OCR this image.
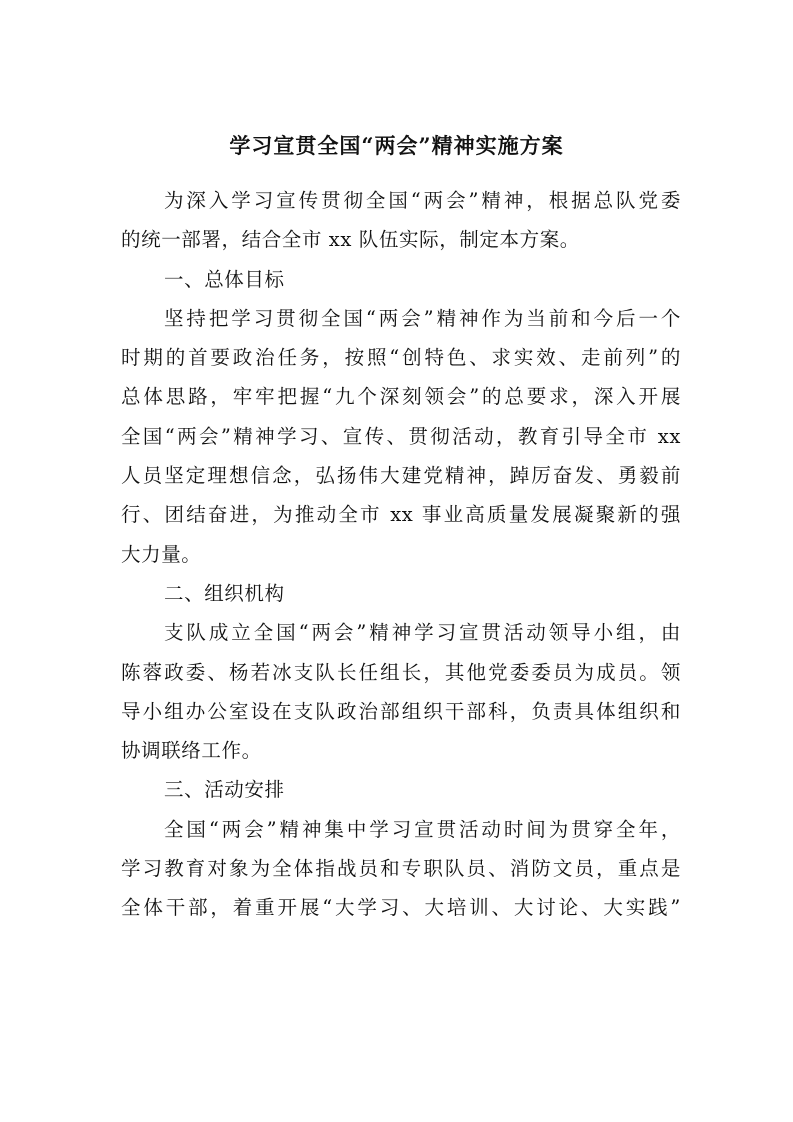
学习宣贯全国“两会”精神实施方案
为深入学习宣传贯彻全国“两会”精神，根据总队党委
的统一部署，结合全市 xx 队伍实际，制定本方案。
一、总体目标
坚持把学习贯彻全国“两会”精神作为当前和今后一个
时期的首要政治任务，按照“创特色、求实效、走前列”的
总体思路，牢牢把握“九个深刻领会”的总要求，深入开展
全国“两会”精神学习、宣传、贯彻活动，教育引导全市 xx
人员坚定理想信念，弘扬伟大建党精神，踔厉奋发、勇毅前
行、团结奋进，为推动全市 xx 事业高质量发展凝聚新的强
大力量。
二、组织机构
支队成立全国“两会”精神学习宣贯活动领导小组，由
陈蓉政委、杨若冰支队长任组长，其他党委委员为成员。领
导小组办公室设在支队政治部组织干部科，负责具体组织和
协调联络工作。
三、活动安排
全国“两会”精神集中学习宣贯活动时间为贯穿全年，
学习教育对象为全体指战员和专职队员、消防文员，重点是
全体干部，着重开展“大学习、大培训、大讨论、大实践”
